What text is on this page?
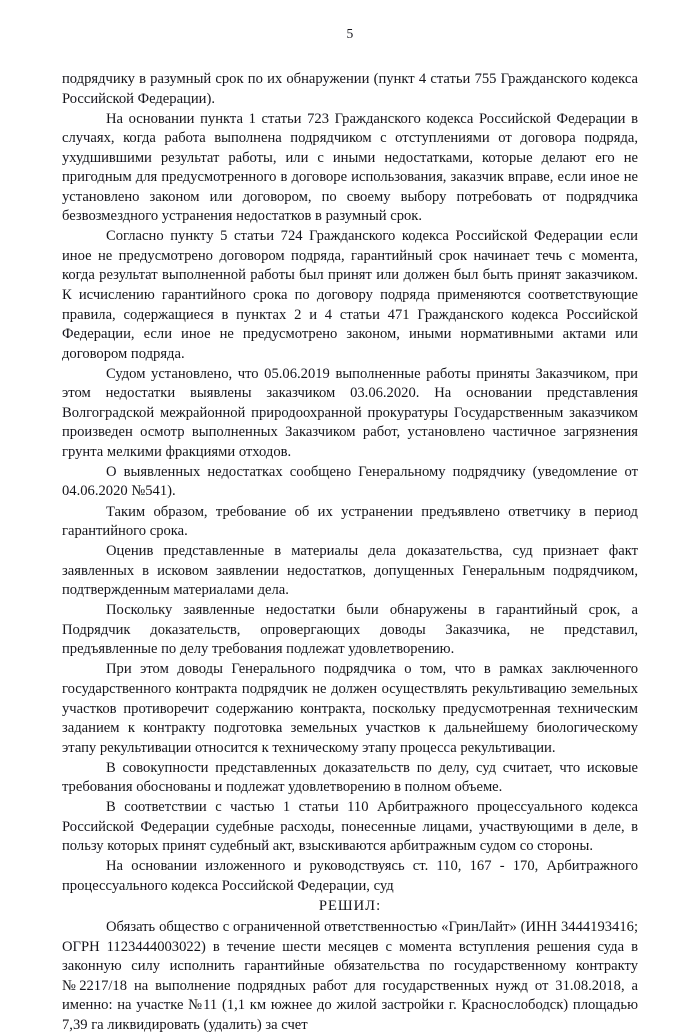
5

подрядчику в разумный срок по их обнаружении (пункт 4 статьи 755 Гражданского кодекса Российской Федерации).

На основании пункта 1 статьи 723 Гражданского кодекса Российской Федерации в случаях, когда работа выполнена подрядчиком с отступлениями от договора подряда, ухудшившими результат работы, или с иными недостатками, которые делают его не пригодным для предусмотренного в договоре использования, заказчик вправе, если иное не установлено законом или договором, по своему выбору потребовать от подрядчика безвозмездного устранения недостатков в разумный срок.

Согласно пункту 5 статьи 724 Гражданского кодекса Российской Федерации если иное не предусмотрено договором подряда, гарантийный срок начинает течь с момента, когда результат выполненной работы был принят или должен был быть принят заказчиком. К исчислению гарантийного срока по договору подряда применяются соответствующие правила, содержащиеся в пунктах 2 и 4 статьи 471 Гражданского кодекса Российской Федерации, если иное не предусмотрено законом, иными нормативными актами или договором подряда.

Судом установлено, что 05.06.2019 выполненные работы приняты Заказчиком, при этом недостатки выявлены заказчиком 03.06.2020. На основании представления Волгоградской межрайонной природоохранной прокуратуры Государственным заказчиком произведен осмотр выполненных Заказчиком работ, установлено частичное загрязнения грунта мелкими фракциями отходов.

О выявленных недостатках сообщено Генеральному подрядчику (уведомление от 04.06.2020 №541).

Таким образом, требование об их устранении предъявлено ответчику в период гарантийного срока.

Оценив представленные в материалы дела доказательства, суд признает факт заявленных в исковом заявлении недостатков, допущенных Генеральным подрядчиком, подтвержденным материалами дела.

Поскольку заявленные недостатки были обнаружены в гарантийный срок, а Подрядчик доказательств, опровергающих доводы Заказчика, не представил, предъявленные по делу требования подлежат удовлетворению.

При этом доводы Генерального подрядчика о том, что в рамках заключенного государственного контракта подрядчик не должен осуществлять рекультивацию земельных участков противоречит содержанию контракта, поскольку предусмотренная техническим заданием к контракту подготовка земельных участков к дальнейшему биологическому этапу рекультивации относится к техническому этапу процесса рекультивации.

В совокупности представленных доказательств по делу, суд считает, что исковые требования обоснованы и подлежат удовлетворению в полном объеме.

В соответствии с частью 1 статьи 110 Арбитражного процессуального кодекса Российской Федерации судебные расходы, понесенные лицами, участвующими в деле, в пользу которых принят судебный акт, взыскиваются арбитражным судом со стороны.

На основании изложенного и руководствуясь ст. 110, 167 - 170, Арбитражного процессуального кодекса Российской Федерации, суд

РЕШИЛ:

Обязать общество с ограниченной ответственностью «ГринЛайт» (ИНН 3444193416; ОГРН 1123444003022) в течение шести месяцев с момента вступления решения суда в законную силу исполнить гарантийные обязательства по государственному контракту №2217/18 на выполнение подрядных работ для государственных нужд от 31.08.2018, а именно: на участке №11 (1,1 км южнее до жилой застройки г. Краснослободск) площадью 7,39 га ликвидировать (удалить) за счет
